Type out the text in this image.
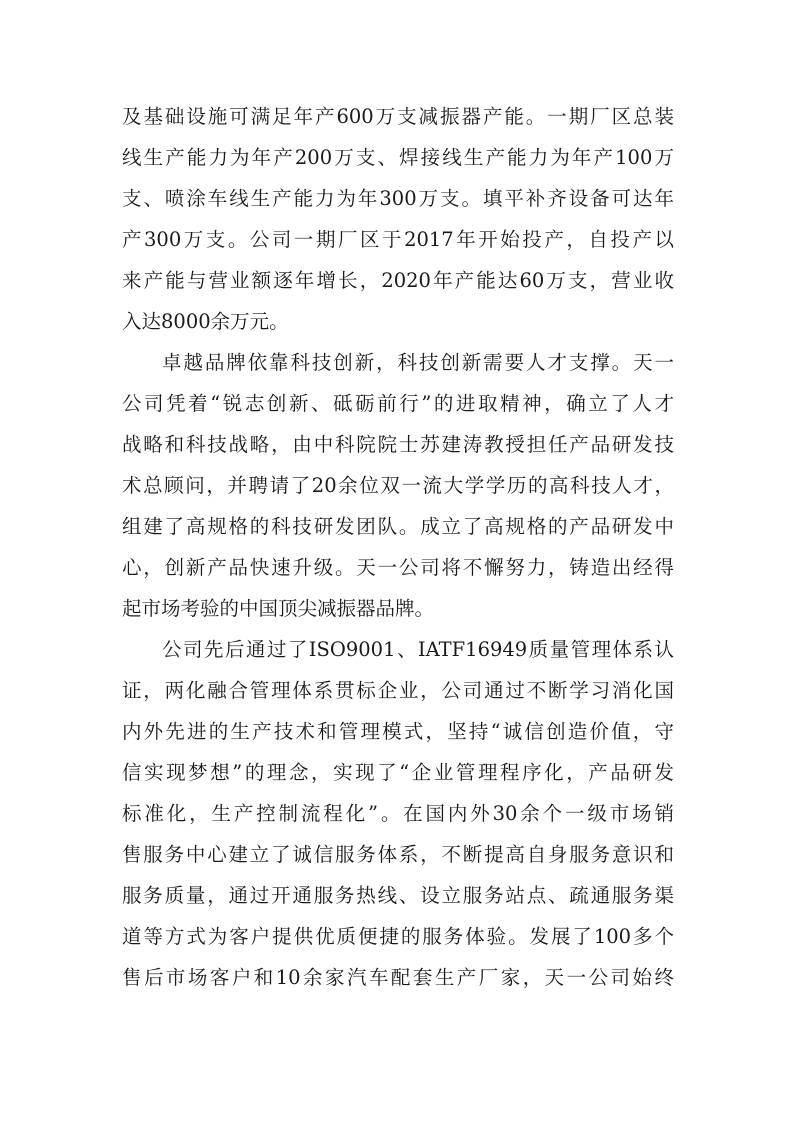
及基础设施可满足年产600万支减振器产能。一期厂区总装
线生产能力为年产200万支、焊接线生产能力为年产100万
支、喷涂车线生产能力为年300万支。填平补齐设备可达年
产300万支。公司一期厂区于2017年开始投产，自投产以
来产能与营业额逐年增长，2020年产能达60万支，营业收
入达8000余万元。
卓越品牌依靠科技创新，科技创新需要人才支撑。天一
公司凭着“锐志创新、砥砺前行”的进取精神，确立了人才
战略和科技战略，由中科院院士苏建涛教授担任产品研发技
术总顾问，并聘请了20余位双一流大学学历的高科技人才，
组建了高规格的科技研发团队。成立了高规格的产品研发中
心，创新产品快速升级。天一公司将不懈努力，铸造出经得
起市场考验的中国顶尖减振器品牌。
公司先后通过了ISO9001、IATF16949质量管理体系认
证，两化融合管理体系贯标企业，公司通过不断学习消化国
内外先进的生产技术和管理模式，坚持“诚信创造价值，守
信实现梦想”的理念，实现了“企业管理程序化，产品研发
标准化，生产控制流程化”。在国内外30余个一级市场销
售服务中心建立了诚信服务体系，不断提高自身服务意识和
服务质量，通过开通服务热线、设立服务站点、疏通服务渠
道等方式为客户提供优质便捷的服务体验。发展了100多个
售后市场客户和10余家汽车配套生产厂家，天一公司始终
